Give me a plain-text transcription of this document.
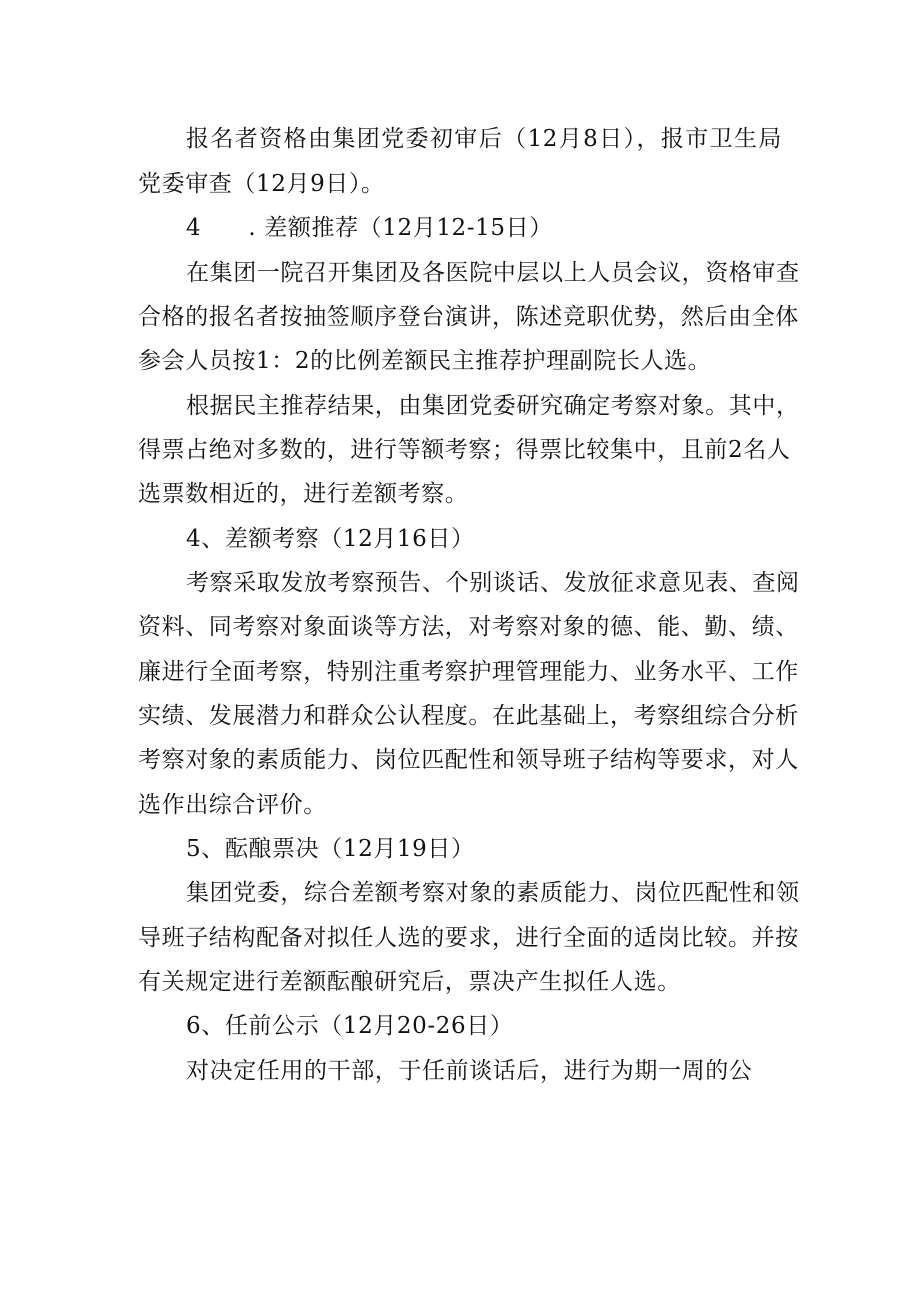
报名者资格由集团党委初审后（12月8日），报市卫生局
党委审查（12月9日）。
4　　. 差额推荐（12月12-15日）
在集团一院召开集团及各医院中层以上人员会议，资格审查
合格的报名者按抽签顺序登台演讲，陈述竞职优势，然后由全体
参会人员按1：2的比例差额民主推荐护理副院长人选。
根据民主推荐结果，由集团党委研究确定考察对象。其中，
得票占绝对多数的，进行等额考察；得票比较集中，且前2名人
选票数相近的，进行差额考察。
4、差额考察（12月16日）
考察采取发放考察预告、个别谈话、发放征求意见表、查阅
资料、同考察对象面谈等方法，对考察对象的德、能、勤、绩、
廉进行全面考察，特别注重考察护理管理能力、业务水平、工作
实绩、发展潜力和群众公认程度。在此基础上，考察组综合分析
考察对象的素质能力、岗位匹配性和领导班子结构等要求，对人
选作出综合评价。
5、酝酿票决（12月19日）
集团党委，综合差额考察对象的素质能力、岗位匹配性和领
导班子结构配备对拟任人选的要求，进行全面的适岗比较。并按
有关规定进行差额酝酿研究后，票决产生拟任人选。
6、任前公示（12月20-26日）
对决定任用的干部，于任前谈话后，进行为期一周的公
